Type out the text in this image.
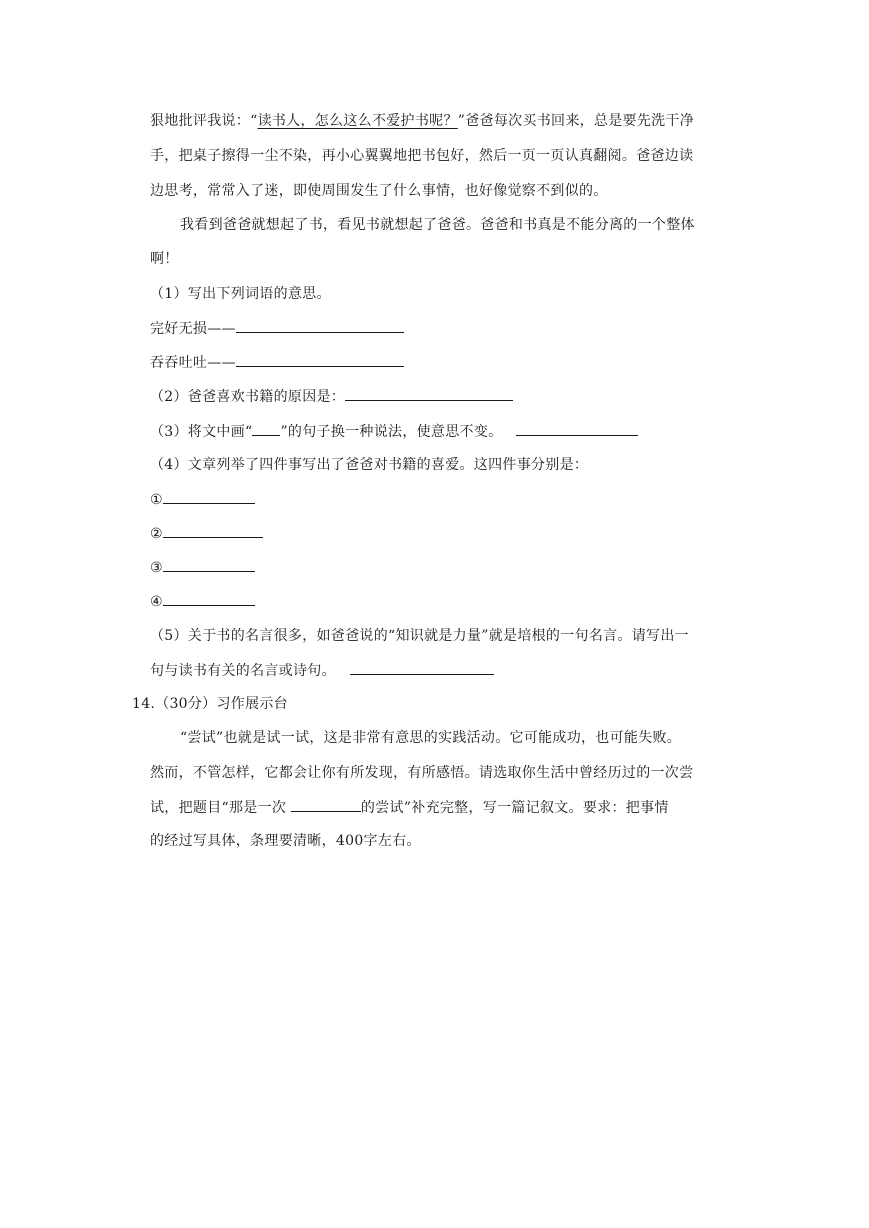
狠地批评我说：“读书人，怎么这么不爱护书呢？”爸爸每次买书回来，总是要先洗干净
手，把桌子擦得一尘不染，再小心翼翼地把书包好，然后一页一页认真翻阅。爸爸边读
边思考，常常入了迷，即使周围发生了什么事情，也好像觉察不到似的。
我看到爸爸就想起了书，看见书就想起了爸爸。爸爸和书真是不能分离的一个整体
啊！
（1）写出下列词语的意思。
完好无损——
吞吞吐吐——
（2）爸爸喜欢书籍的原因是：
（3）将文中画“ ”的句子换一种说法，使意思不变。
（4）文章列举了四件事写出了爸爸对书籍的喜爱。这四件事分别是：
①
②
③
④
（5）关于书的名言很多，如爸爸说的“知识就是力量”就是培根的一句名言。请写出一
句与读书有关的名言或诗句。
14.（30分）习作展示台
“尝试”也就是试一试，这是非常有意思的实践活动。它可能成功，也可能失败。
然而，不管怎样，它都会让你有所发现，有所感悟。请选取你生活中曾经历过的一次尝
试，把题目“那是一次	的尝试”补充完整，写一篇记叙文。要求：把事情
的经过写具体，条理要清晰，400字左右。
